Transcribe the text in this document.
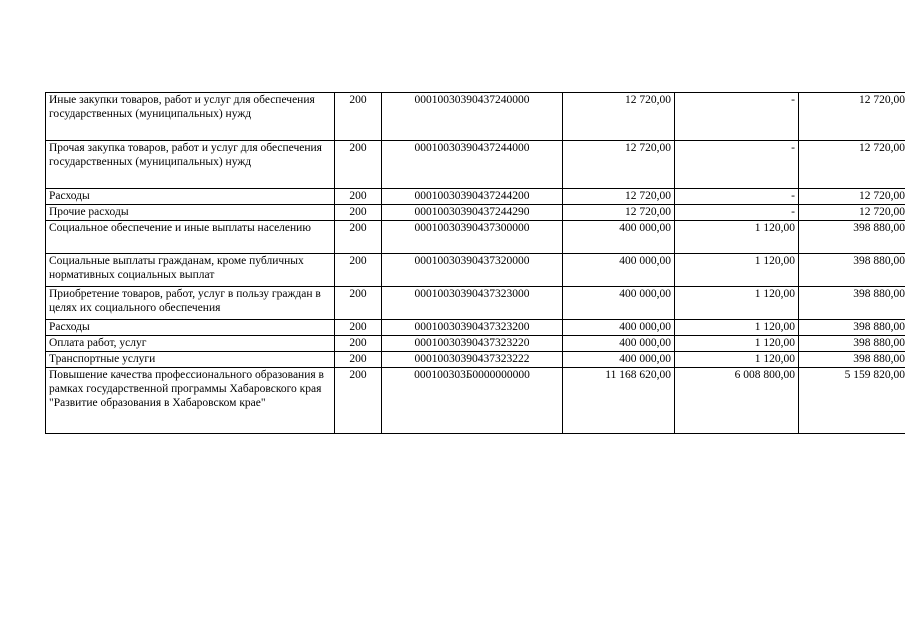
Иные закупки товаров, работ и услуг для обеспечения государственных (муниципальных) нужд	200	00010030390437240000	12 720,00	-	12 720,00
Прочая закупка товаров, работ и услуг для обеспечения государственных (муниципальных) нужд	200	00010030390437244000	12 720,00	-	12 720,00
Расходы	200	00010030390437244200	12 720,00	-	12 720,00
Прочие расходы	200	00010030390437244290	12 720,00	-	12 720,00
Социальное обеспечение и иные выплаты населению	200	00010030390437300000	400 000,00	1 120,00	398 880,00
Социальные выплаты гражданам, кроме публичных нормативных социальных выплат	200	00010030390437320000	400 000,00	1 120,00	398 880,00
Приобретение товаров, работ, услуг в пользу граждан в целях их социального обеспечения	200	00010030390437323000	400 000,00	1 120,00	398 880,00
Расходы	200	00010030390437323200	400 000,00	1 120,00	398 880,00
Оплата работ, услуг	200	00010030390437323220	400 000,00	1 120,00	398 880,00
Транспортные услуги	200	00010030390437323222	400 000,00	1 120,00	398 880,00
Повышение качества профессионального образования в рамках государственной программы Хабаровского края "Развитие образования в Хабаровском крае"	200	000100303Б0000000000	11 168 620,00	6 008 800,00	5 159 820,00
